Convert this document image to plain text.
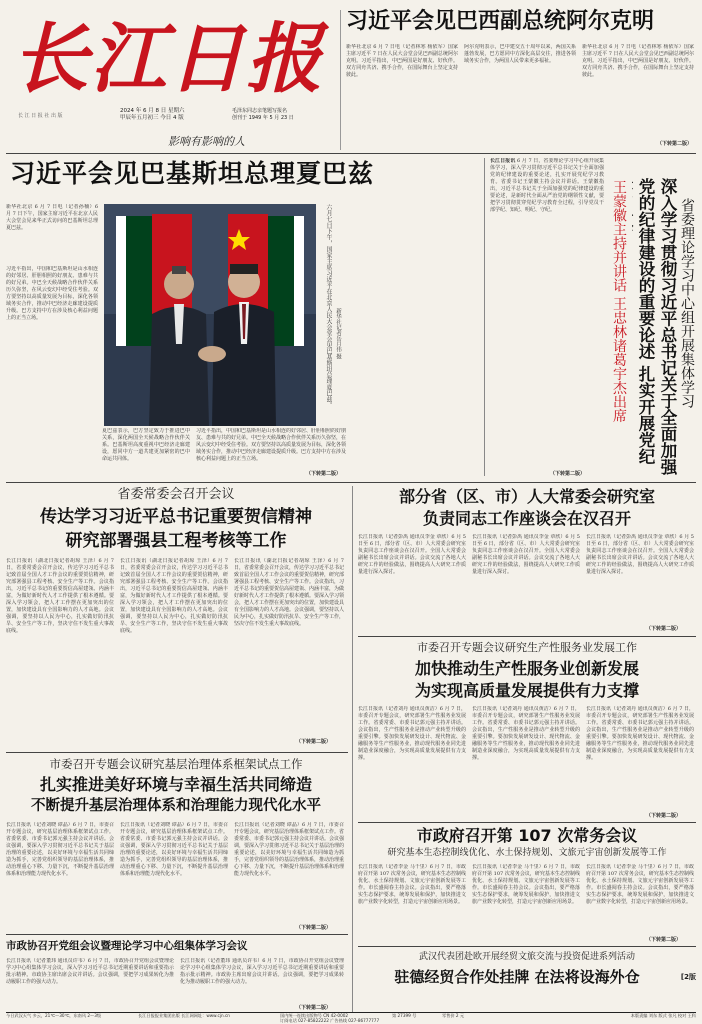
长江日报
2024 年 6 月 8 日 星期六
甲辰年五月初三 今日 4 版
影响有影响的人
毛泽东同志亲笔题写报名
创刊于 1949 年 5 月 23 日
长 江 日 报 社 出 版
习近平会见巴西副总统阿尔克明
新华社北京 6 月 7 日电（记者林寒 杨依军）国家主席习近平 7 日在人民大会堂会见巴西副总统阿尔克明。习近平指出，中巴两国是好朋友、好伙伴。双方同舟共济、携手合作，在国际舞台上坚定支持彼此。
阿尔克明表示，巴中建交五十周年以来，两国关系蓬勃发展，巴方愿同中方深化高层交往，推进各领域务实合作，为两国人民带来更多福祉。
新华社北京 6 月 7 日电（记者林寒 杨依军）国家主席习近平 7 日在人民大会堂会见巴西副总统阿尔克明。习近平指出，中巴两国是好朋友、好伙伴。双方同舟共济、携手合作，在国际舞台上坚定支持彼此。
（下转第二版）
习近平会见巴基斯坦总理夏巴兹
新华社北京 6 月 7 日电（记者孙楠）6 月 7 日下午，国家主席习近平在北京人民大会堂会见来华正式访问的巴基斯坦总理夏巴兹。
习近平指出，中国和巴基斯坦是山水相连的好邻居、肝胆相照的好朋友、患难与共的好兄弟。中巴全天候战略合作伙伴关系历久弥坚，在风云变幻中经受住考验。双方要坚持以高质量发展为目标，深化各领域务实合作，推动中巴经济走廊建设提质升级。巴方支持中方在涉及核心利益问题上的正当立场。
夏巴兹表示，巴方坚定致力于推进巴中关系，深化两国全天候战略合作伙伴关系。巴基斯坦高度重视中巴经济走廊建设，愿同中方一道共建更加紧密的巴中命运共同体。
六月七日下午，国家主席习近平在北京人民大会堂会见巴基斯坦总理夏巴兹。 新华社记者岳月伟 摄
习近平指出，中国和巴基斯坦是山水相连的好邻居、肝胆相照的好朋友、患难与共的好兄弟。中巴全天候战略合作伙伴关系历久弥坚，在风云变幻中经受住考验。双方要坚持以高质量发展为目标，深化各领域务实合作，推动中巴经济走廊建设提质升级。巴方支持中方在涉及核心利益问题上的正当立场。
（下转第二版）
长江日报讯 6 月 7 日，省委理论学习中心组开展集体学习，深入学习贯彻习近平总书记关于全面加强党的纪律建设的重要论述，扎实开展党纪学习教育。省委书记王蒙徽主持会议并讲话。王蒙徽指出，习近平总书记关于全面加强党的纪律建设的重要论述，是新时代全面从严治党的纲领性文献，要把学习贯彻贯穿党纪学习教育全过程，引导党员干部学纪、知纪、明纪、守纪。
（下转第二版）
王蒙徽主持并讲话 王忠林诸葛宇杰出席	深入学习贯彻习近平总书记关于全面加强党的纪律建设的重要论述 扎实开展党纪
省委理论学习中心组开展集体学习
省委常委会召开会议
传达学习习近平总书记重要贺信精神
研究部署强县工程考核等工作
长江日报讯（湖北日报记者胡琼 王泽）6 月 7 日，省委常委会召开会议，传达学习习近平总书记致首届全国人才工作会议的重要贺信精神，研究部署强县工程考核、安全生产等工作。会议指出，习近平总书记的重要贺信高屋建瓴、内涵丰富，为做好新时代人才工作提供了根本遵循。要深入学习领会，把人才工作摆在更加突出的位置，加快建设具有全国影响力的人才高地。会议强调，要坚持以人民为中心，扎实做好防汛抗旱、安全生产等工作，坚决守住不发生重大事故底线。
长江日报讯（湖北日报记者胡琼 王泽）6 月 7 日，省委常委会召开会议，传达学习习近平总书记致首届全国人才工作会议的重要贺信精神，研究部署强县工程考核、安全生产等工作。会议指出，习近平总书记的重要贺信高屋建瓴、内涵丰富，为做好新时代人才工作提供了根本遵循。要深入学习领会，把人才工作摆在更加突出的位置，加快建设具有全国影响力的人才高地。会议强调，要坚持以人民为中心，扎实做好防汛抗旱、安全生产等工作，坚决守住不发生重大事故底线。
长江日报讯（湖北日报记者胡琼 王泽）6 月 7 日，省委常委会召开会议，传达学习习近平总书记致首届全国人才工作会议的重要贺信精神，研究部署强县工程考核、安全生产等工作。会议指出，习近平总书记的重要贺信高屋建瓴、内涵丰富，为做好新时代人才工作提供了根本遵循。要深入学习领会，把人才工作摆在更加突出的位置，加快建设具有全国影响力的人才高地。会议强调，要坚持以人民为中心，扎实做好防汛抗旱、安全生产等工作，坚决守住不发生重大事故底线。
（下转第二版）
部分省（区、市）人大常委会研究室
负责同志工作座谈会在汉召开
长江日报讯（记者彭禹 通讯员李金 章欣）6 月 5 日至 6 日，部分省（区、市）人大常委会研究室负责同志工作座谈会在汉召开。全国人大常委会副秘书长出席会议并讲话。会议交流了各地人大研究工作的经验做法，围绕提高人大研究工作质量进行深入探讨。
长江日报讯（记者彭禹 通讯员李金 章欣）6 月 5 日至 6 日，部分省（区、市）人大常委会研究室负责同志工作座谈会在汉召开。全国人大常委会副秘书长出席会议并讲话。会议交流了各地人大研究工作的经验做法，围绕提高人大研究工作质量进行深入探讨。
长江日报讯（记者彭禹 通讯员李金 章欣）6 月 5 日至 6 日，部分省（区、市）人大常委会研究室负责同志工作座谈会在汉召开。全国人大常委会副秘书长出席会议并讲话。会议交流了各地人大研究工作的经验做法，围绕提高人大研究工作质量进行深入探讨。
（下转第二版）
市委召开专题会议研究生产性服务业发展工作
加快推动生产性服务业创新发展
为实现高质量发展提供有力支撑
长江日报讯（记者刘丹 通讯员黄洁）6 月 7 日，市委召开专题会议，研究部署生产性服务业发展工作。省委常委、市委书记郭元强主持并讲话。会议指出，生产性服务业是推动产业转型升级的重要引擎。要加快发展研发设计、现代物流、金融服务等生产性服务业，推动现代服务业同先进制造业深度融合，为实现高质量发展提供有力支撑。
长江日报讯（记者刘丹 通讯员黄洁）6 月 7 日，市委召开专题会议，研究部署生产性服务业发展工作。省委常委、市委书记郭元强主持并讲话。会议指出，生产性服务业是推动产业转型升级的重要引擎。要加快发展研发设计、现代物流、金融服务等生产性服务业，推动现代服务业同先进制造业深度融合，为实现高质量发展提供有力支撑。
长江日报讯（记者刘丹 通讯员黄洁）6 月 7 日，市委召开专题会议，研究部署生产性服务业发展工作。省委常委、市委书记郭元强主持并讲话。会议指出，生产性服务业是推动产业转型升级的重要引擎。要加快发展研发设计、现代物流、金融服务等生产性服务业，推动现代服务业同先进制造业深度融合，为实现高质量发展提供有力支撑。
（下转第二版）
市委召开专题会议研究基层治理体系框架试点工作
扎实推进美好环境与幸福生活共同缔造
不断提升基层治理体系和治理能力现代化水平
长江日报讯（记者刘晓 谭晶）6 月 7 日，市委召开专题会议，研究基层治理体系框架试点工作。省委常委、市委书记郭元强主持会议并讲话。会议强调，要深入学习贯彻习近平总书记关于基层治理的重要论述，以美好环境与幸福生活共同缔造为抓手，完善党组织领导的基层治理体系，推动治理重心下移、力量下沉，不断提升基层治理体系和治理能力现代化水平。
长江日报讯（记者刘晓 谭晶）6 月 7 日，市委召开专题会议，研究基层治理体系框架试点工作。省委常委、市委书记郭元强主持会议并讲话。会议强调，要深入学习贯彻习近平总书记关于基层治理的重要论述，以美好环境与幸福生活共同缔造为抓手，完善党组织领导的基层治理体系，推动治理重心下移、力量下沉，不断提升基层治理体系和治理能力现代化水平。
长江日报讯（记者刘晓 谭晶）6 月 7 日，市委召开专题会议，研究基层治理体系框架试点工作。省委常委、市委书记郭元强主持会议并讲话。会议强调，要深入学习贯彻习近平总书记关于基层治理的重要论述，以美好环境与幸福生活共同缔造为抓手，完善党组织领导的基层治理体系，推动治理重心下移、力量下沉，不断提升基层治理体系和治理能力现代化水平。
（下转第二版）
市政府召开第 107 次常务会议
研究基本生态控制线优化、水土保持规划、文旅元宇宙创新发展等工作
长江日报讯（记者李金 马千里）6 月 7 日，市政府召开第 107 次常务会议，研究基本生态控制线优化、水土保持规划、文旅元宇宙创新发展等工作。市长盛阅春主持会议。会议指出，要严格落实生态保护要求，统筹发展和保护，加快推进文旅产业数字化转型，打造元宇宙创新应用场景。
长江日报讯（记者李金 马千里）6 月 7 日，市政府召开第 107 次常务会议，研究基本生态控制线优化、水土保持规划、文旅元宇宙创新发展等工作。市长盛阅春主持会议。会议指出，要严格落实生态保护要求，统筹发展和保护，加快推进文旅产业数字化转型，打造元宇宙创新应用场景。
长江日报讯（记者李金 马千里）6 月 7 日，市政府召开第 107 次常务会议，研究基本生态控制线优化、水土保持规划、文旅元宇宙创新发展等工作。市长盛阅春主持会议。会议指出，要严格落实生态保护要求，统筹发展和保护，加快推进文旅产业数字化转型，打造元宇宙创新应用场景。
（下转第二版）
市政协召开党组会议暨理论学习中心组集体学习会议
长江日报讯（记者董玮 通讯员许韦）6 月 7 日，市政协召开党组会议暨理论学习中心组集体学习会议，深入学习习近平总书记近期重要讲话和重要指示批示精神。市政协主席出席会议并讲话。会议强调，要把学习成果转化为推动履职工作的强大动力。
长江日报讯（记者董玮 通讯员许韦）6 月 7 日，市政协召开党组会议暨理论学习中心组集体学习会议，深入学习习近平总书记近期重要讲话和重要指示批示精神。市政协主席出席会议并讲话。会议强调，要把学习成果转化为推动履职工作的强大动力。
（下转第二版）
武汉代表团赴欧开展经贸文旅交流与投资促进系列活动
驻德经贸合作处挂牌 在法将设海外仓	[2版
今日武汉天气 多云，21℃～30℃，东南风 2～3级	长江日报报业集团出版 长江网网址：www.cjn.cn	国内统一连续出版物号 CN 42-0002
订阅电话 027-85822222 广告热线 027-86777777
第 27399 号	零售价 2 元	本版责编 刘东 版式 张凡 校对 王科
